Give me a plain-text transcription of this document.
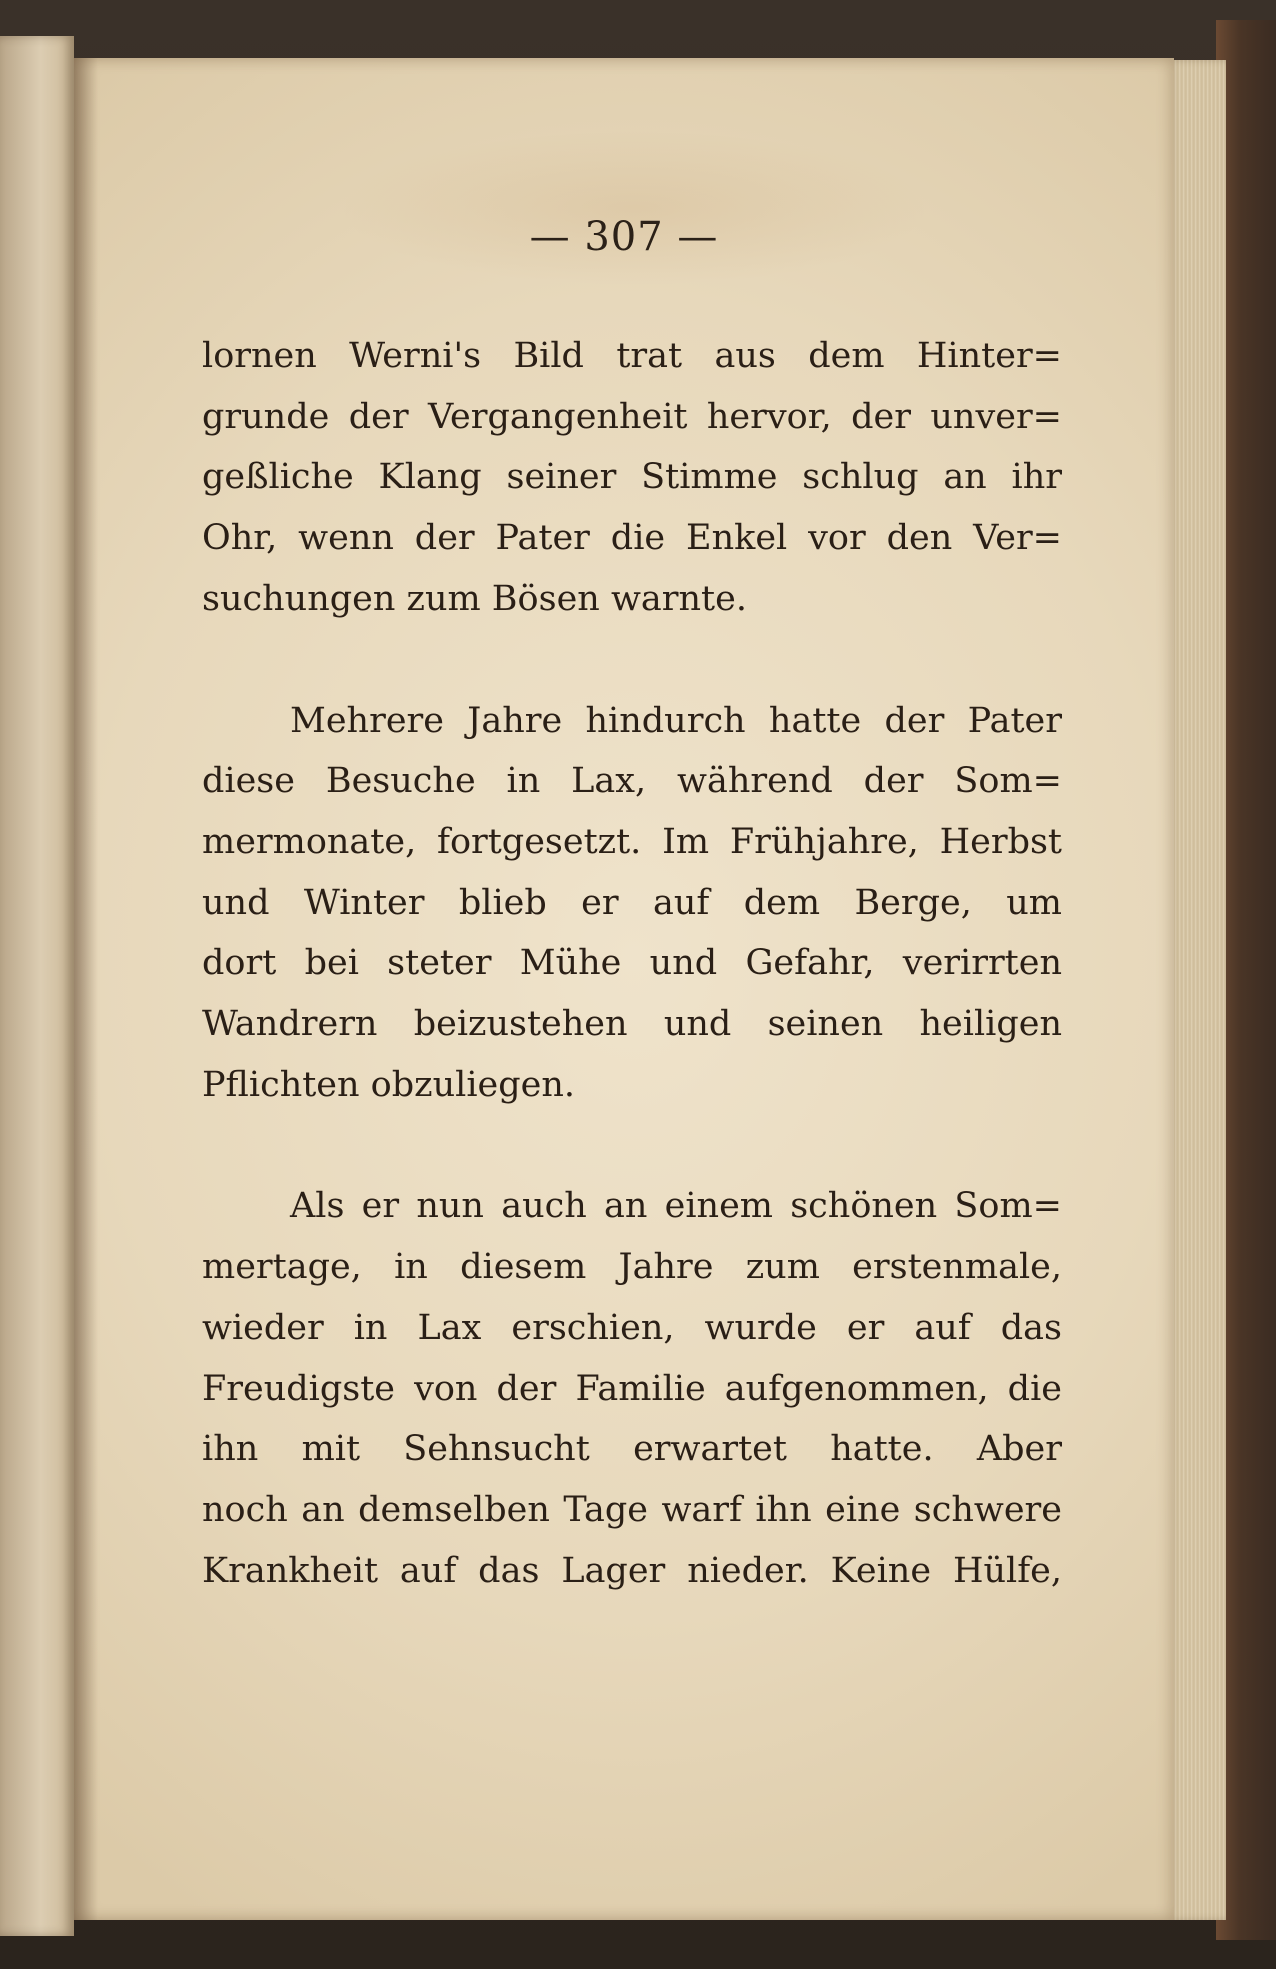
— 307 —
lornen Werni's Bild trat aus dem Hinter=
grunde der Vergangenheit hervor, der unver=
geßliche Klang seiner Stimme schlug an ihr
Ohr, wenn der Pater die Enkel vor den Ver=
suchungen zum Bösen warnte.
Mehrere Jahre hindurch hatte der Pater
diese Besuche in Lax, während der Som=
mermonate, fortgesetzt. Im Frühjahre, Herbst
und Winter blieb er auf dem Berge, um
dort bei steter Mühe und Gefahr, verirrten
Wandrern beizustehen und seinen heiligen
Pflichten obzuliegen.
Als er nun auch an einem schönen Som=
mertage, in diesem Jahre zum erstenmale,
wieder in Lax erschien, wurde er auf das
Freudigste von der Familie aufgenommen, die
ihn mit Sehnsucht erwartet hatte. Aber
noch an demselben Tage warf ihn eine schwere
Krankheit auf das Lager nieder. Keine Hülfe,
